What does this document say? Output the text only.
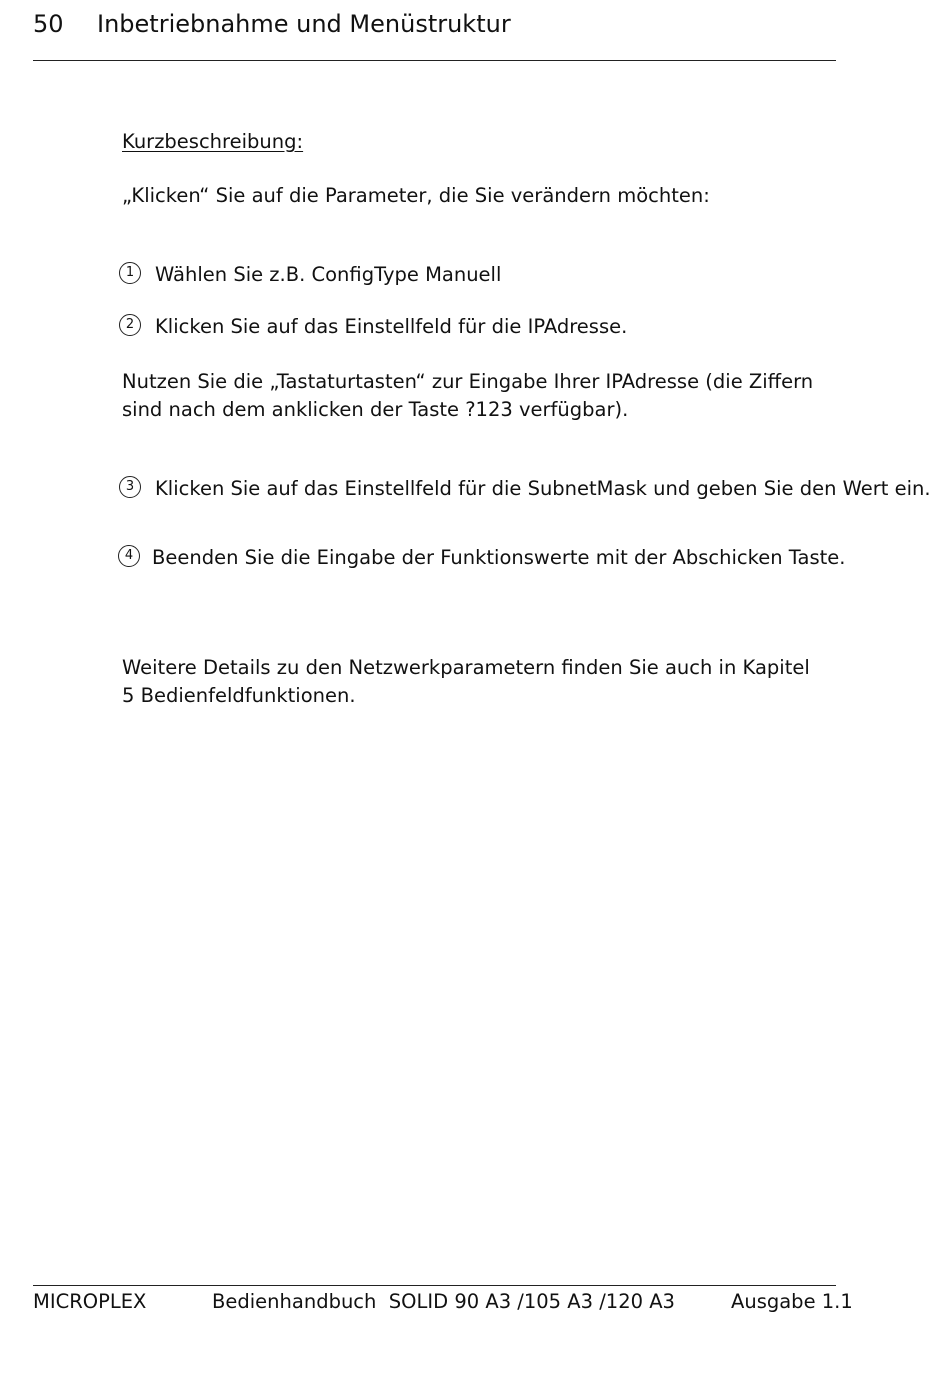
50 Inbetriebnahme und Menüstruktur
Kurzbeschreibung:
„Klicken“ Sie auf die Parameter, die Sie verändern möchten:
1	Wählen Sie z.B. ConfigType Manuell
2	Klicken Sie auf das Einstellfeld für die IPAdresse.
Nutzen Sie die „Tastaturtasten“ zur Eingabe Ihrer IPAdresse (die Ziffern sind nach dem anklicken der Taste ?123 verfügbar).
3	Klicken Sie auf das Einstellfeld für die SubnetMask und geben Sie den Wert ein.
4 Beenden Sie die Eingabe der Funktionswerte mit der Abschicken Taste.
Weitere Details zu den Netzwerkparametern finden Sie auch in Kapitel 5 Bedienfeldfunktionen.
MICROPLEX	Bedienhandbuch  SOLID 90 A3 /105 A3 /120 A3	Ausgabe 1.1
